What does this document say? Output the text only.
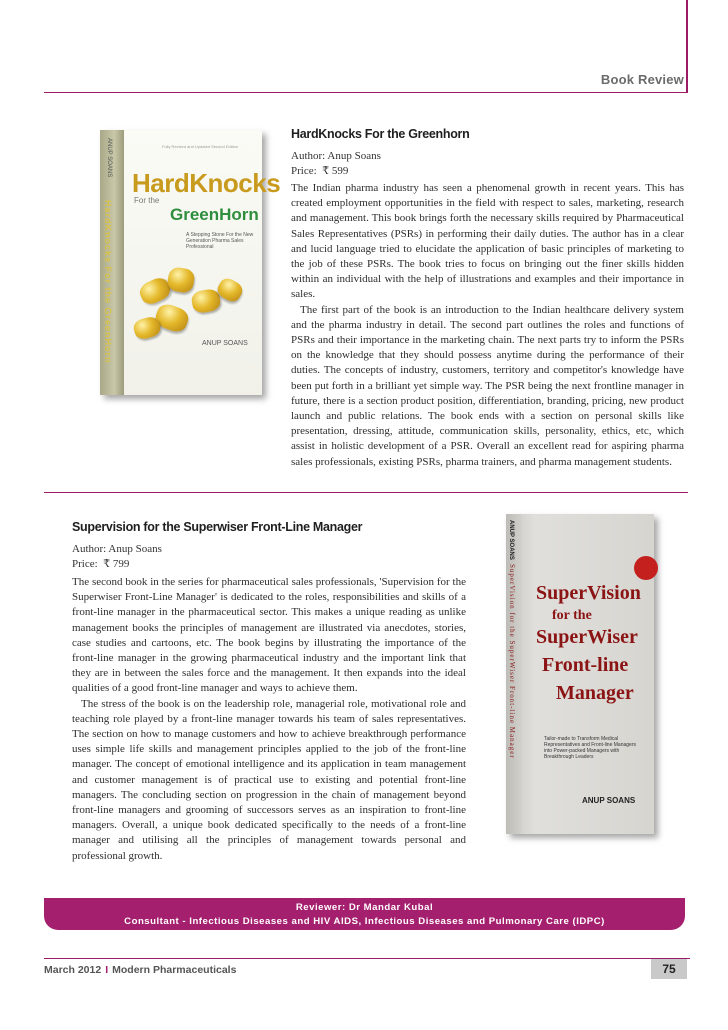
Book Review
ANUP SOANS
HardKnocks For the GreenHorn
Fully Revised and Updated Second Edition
HardKnocks
For the
GreenHorn
A Stepping Stone For the New Generation Pharma Sales Professional
ANUP SOANS
HardKnocks For the Greenhorn
Author: Anup Soans
Price: ₹ 599

The Indian pharma industry has seen a phenomenal growth in recent years. This has created employment opportunities in the field with respect to sales, marketing, research and management. This book brings forth the necessary skills required by Pharmaceutical Sales Representatives (PSRs) in performing their daily duties. The author has in a clear and lucid language tried to elucidate the application of basic principles of marketing to the job of these PSRs. The book tries to focus on bringing out the finer skills hidden within an individual with the help of illustrations and examples and their importance in sales.

The first part of the book is an introduction to the Indian healthcare delivery system and the pharma industry in detail. The second part outlines the roles and functions of PSRs and their importance in the marketing chain. The next parts try to inform the PSRs on the knowledge that they should possess anytime during the performance of their duties. The concepts of industry, customers, territory and competitor's knowledge have been put forth in a brilliant yet simple way. The PSR being the next frontline manager in future, there is a section product position, differentiation, branding, pricing, new product launch and public relations. The book ends with a section on personal skills like presentation, dressing, attitude, communication skills, personality, ethics, etc, which assist in holistic development of a PSR. Overall an excellent read for aspiring pharma sales professionals, existing PSRs, pharma trainers, and pharma management students.

Supervision for the Superwiser Front-Line Manager
Author: Anup Soans
Price: ₹ 799

The second book in the series for pharmaceutical sales professionals, 'Supervision for the Superwiser Front-Line Manager' is dedicated to the roles, responsibilities and skills of a front-line manager in the pharmaceutical sector. This makes a unique reading as unlike management books the principles of management are illustrated via anecdotes, stories, case studies and cartoons, etc. The book begins by illustrating the importance of the front-line manager in the growing pharmaceutical industry and the important link that they are in between the sales force and the management. It then expands into the ideal qualities of a good front-line manager and ways to achieve them.

The stress of the book is on the leadership role, managerial role, motivational role and teaching role played by a front-line manager towards his team of sales representatives. The section on how to manage customers and how to achieve breakthrough performance uses simple life skills and management principles applied to the job of the front-line manager. The concept of emotional intelligence and its application in team management and customer management is of practical use to existing and potential front-line managers. The concluding section on progression in the chain of management beyond front-line managers and grooming of successors serves as an inspiration to front-line managers. Overall, a unique book dedicated specifically to the needs of a front-line manager and utilising all the principles of management towards personal and professional growth.

ANUP SOANS
SuperVision for the SuperWiser Front-line Manager SuperVision
for the
SuperWiser
Front-line
Manager
Tailor-made to Transform Medical Representatives and Front-line Managers into Power-packed Managers with Breakthrough Leaders
ANUP SOANS
Reviewer: Dr Mandar Kubal
Consultant - Infectious Diseases and HIV AIDS, Infectious Diseases and Pulmonary Care (IDPC)
March 2012 I Modern Pharmaceuticals	75
